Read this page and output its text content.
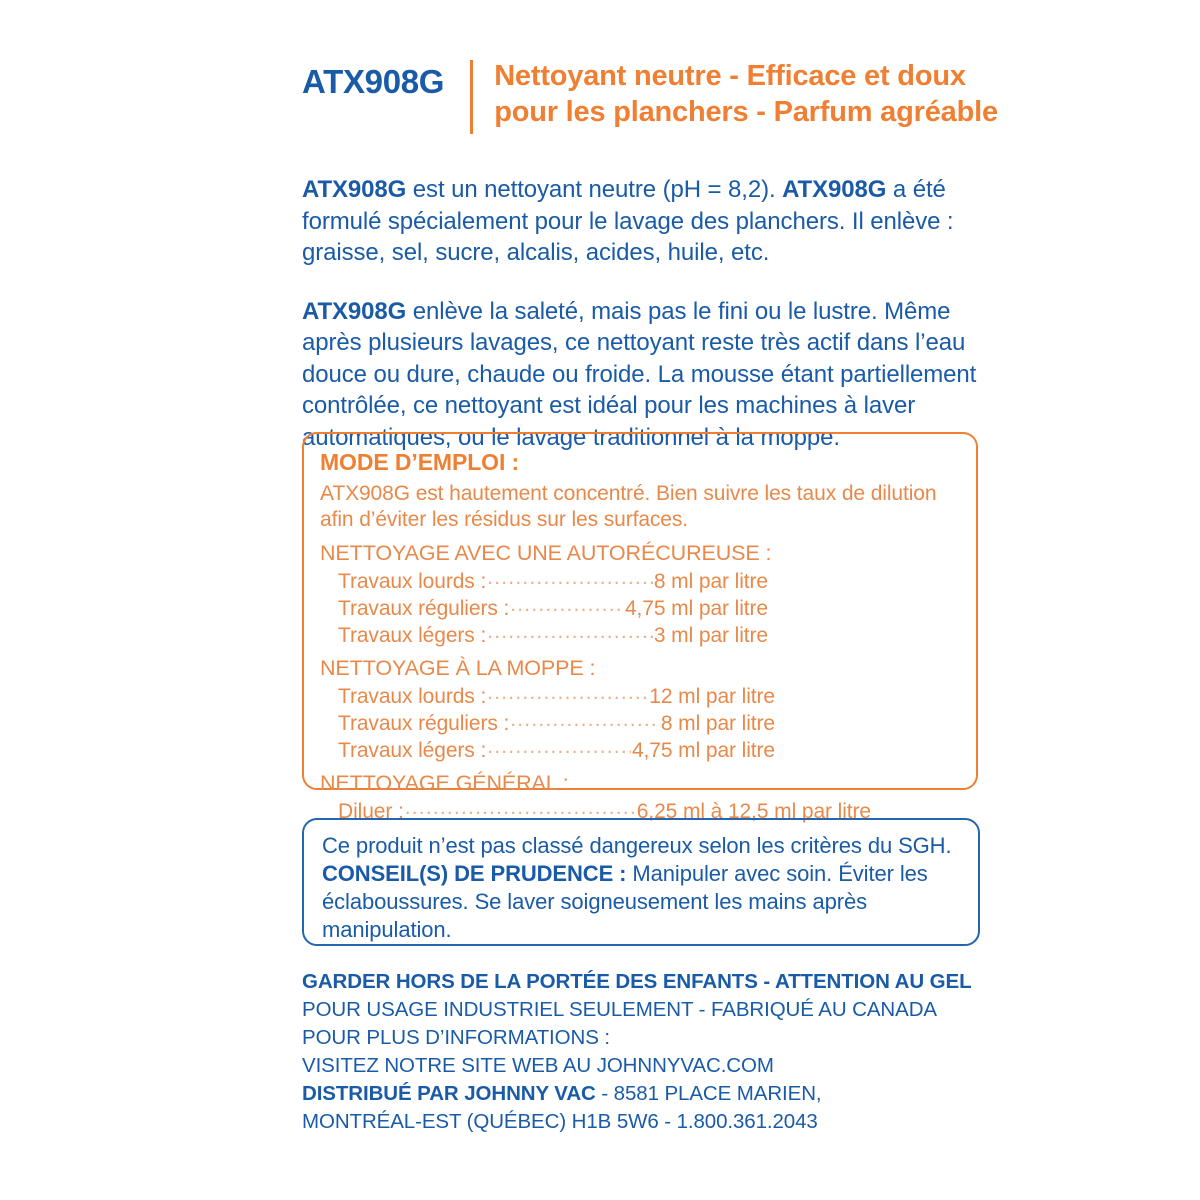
ATX908G Nettoyant neutre - Efficace et doux pour les planchers - Parfum agréable

ATX908G est un nettoyant neutre (pH = 8,2). ATX908G a été formulé spécialement pour le lavage des planchers. Il enlève : graisse, sel, sucre, alcalis, acides, huile, etc.

ATX908G enlève la saleté, mais pas le fini ou le lustre. Même après plusieurs lavages, ce nettoyant reste très actif dans l’eau douce ou dure, chaude ou froide. La mousse étant partiellement contrôlée, ce nettoyant est idéal pour les machines à laver automatiques, ou le lavage traditionnel à la moppe.

MODE D’EMPLOI :

ATX908G est hautement concentré. Bien suivre les taux de dilution afin d’éviter les résidus sur les surfaces.

NETTOYAGE AVEC UNE AUTORÉCUREUSE :

Travaux lourds : .....	8 ml par litre
Travaux réguliers : .....	4,75 ml par litre
Travaux légers : .....	3 ml par litre

NETTOYAGE À LA MOPPE :

Travaux lourds : .....	12 ml par litre
Travaux réguliers : .....	8 ml par litre
Travaux légers : .....	4,75 ml par litre

NETTOYAGE GÉNÉRAL :

Diluer : .....	6,25 ml à 12,5 ml par litre

Ce produit n’est pas classé dangereux selon les critères du SGH.
CONSEIL(S) DE PRUDENCE : Manipuler avec soin. Éviter les éclaboussures. Se laver soigneusement les mains après manipulation.

GARDER HORS DE LA PORTÉE DES ENFANTS - ATTENTION AU GEL

POUR USAGE INDUSTRIEL SEULEMENT - FABRIQUÉ AU CANADA

POUR PLUS D’INFORMATIONS :

VISITEZ NOTRE SITE WEB AU JOHNNYVAC.COM

DISTRIBUÉ PAR JOHNNY VAC - 8581 PLACE MARIEN,

MONTRÉAL-EST (QUÉBEC) H1B 5W6 - 1.800.361.2043
